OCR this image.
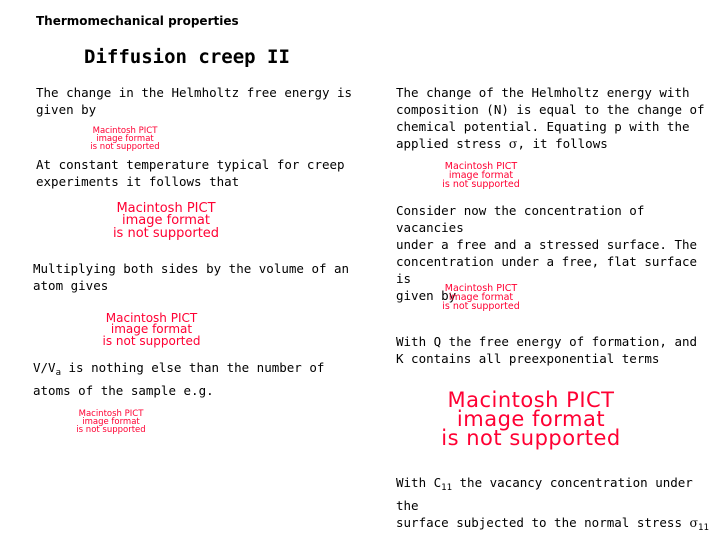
Thermomechanical properties
Diffusion creep II
The change in the Helmholtz free energy is
given by
Macintosh PICT
image format
is not supported
At constant temperature typical for creep
experiments it follows that
Macintosh PICT
image format
is not supported
Multiplying both sides by the volume of an
atom gives
Macintosh PICT
image format
is not supported
$V/V_a$ is nothing else than the number of
atoms of the sample e.g.
Macintosh PICT
image format
is not supported
The change of the Helmholtz energy with
composition (N) is equal to the change of
chemical potential. Equating p with the
applied stress σ, it follows
Macintosh PICT
image format
is not supported
Consider now the concentration of vacancies
under a free and a stressed surface. The
concentration under a free, flat surface is
given by
Macintosh PICT
image format
is not supported
With Q the free energy of formation, and
K contains all preexponential terms
Macintosh PICT
image format
is not supported
With $C_{11}$ the vacancy concentration under the
surface subjected to the normal stress $\sigma_{11}$
